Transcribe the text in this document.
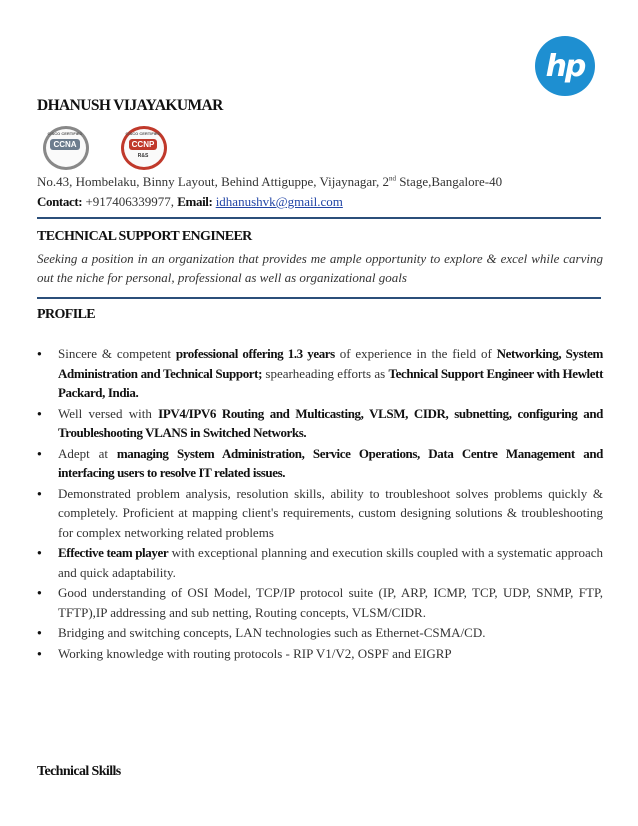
hp
DHANUSH VIJAYAKUMAR
CISCO CERTIFIED
CCNA
CISCO CERTIFIED
CCNP
R&S
No.43, Hombelaku, Binny Layout, Behind Attiguppe, Vijaynagar, 2nd Stage,Bangalore-40
Contact: +917406339977, Email: idhanushvk@gmail.com
TECHNICAL SUPPORT ENGINEER
Seeking a position in an organization that provides me ample opportunity to explore & excel while carving out the niche for personal, professional as well as organizational goals
PROFILE
● Sincere & competent professional offering 1.3 years of experience in the field of Networking, System Administration and Technical Support; spearheading efforts as Technical Support Engineer with Hewlett Packard, India.
● Well versed with IPV4/IPV6 Routing and Multicasting, VLSM, CIDR, subnetting, configuring and Troubleshooting VLANS in Switched Networks.
● Adept at managing System Administration, Service Operations, Data Centre Management and interfacing users to resolve IT related issues.
● Demonstrated problem analysis, resolution skills, ability to troubleshoot solves problems quickly & completely. Proficient at mapping client's requirements, custom designing solutions & troubleshooting for complex networking related problems
● Effective team player with exceptional planning and execution skills coupled with a systematic approach and quick adaptability.
● Good understanding of OSI Model, TCP/IP protocol suite (IP, ARP, ICMP, TCP, UDP, SNMP, FTP, TFTP),IP addressing and sub netting, Routing concepts, VLSM/CIDR.
● Bridging and switching concepts, LAN technologies such as Ethernet-CSMA/CD.
● Working knowledge with routing protocols - RIP V1/V2, OSPF and EIGRP
Technical Skills
